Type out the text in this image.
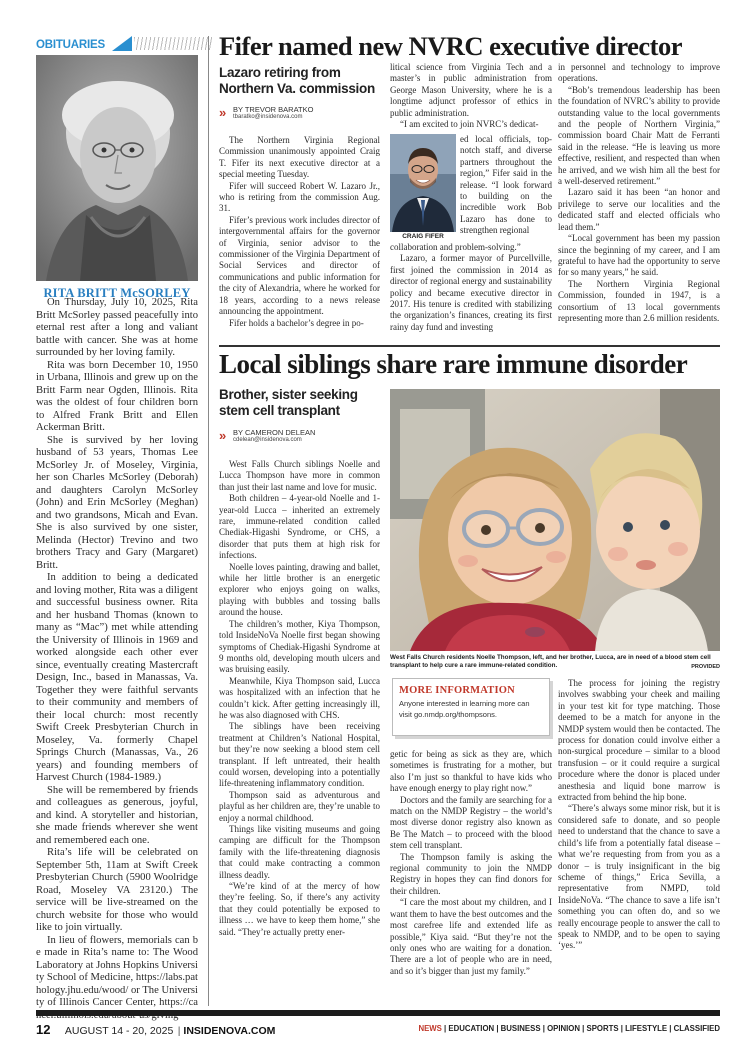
OBITUARIES
RITA BRITT McSORLEY

On Thursday, July 10, 2025, Rita Britt McSorley passed peacefully into eternal rest after a long and valiant battle with cancer. She was at home surrounded by her loving family.

Rita was born December 10, 1950 in Urbana, Illinois and grew up on the Britt Farm near Ogden, Illinois. Rita was the oldest of four children born to Alfred Frank Britt and Ellen Ackerman Britt.

She is survived by her loving husband of 53 years, Thomas Lee McSorley Jr. of Moseley, Virginia, her son Charles McSorley (Deborah) and daughters Carolyn McSorley (John) and Erin McSorley (Meghan) and two grandsons, Micah and Evan. She is also survived by one sister, Melinda (Hector) Trevino and two brothers Tracy and Gary (Margaret) Britt.

In addition to being a dedicated and loving mother, Rita was a diligent and successful business owner. Rita and her husband Thomas (known to many as “Mac”) met while attending the University of Illinois in 1969 and worked alongside each other ever since, eventually creating Mastercraft Design, Inc., based in Manassas, Va. Together they were faithful servants to their community and members of their local church: most recently Swift Creek Presbyterian Church in Moseley, Va. formerly Chapel Springs Church (Manassas, Va., 26 years) and founding members of Harvest Church (1984-1989.)

She will be remembered by friends and colleagues as generous, joyful, and kind. A storyteller and historian, she made friends wherever she went and remembered each one.

Rita’s life will be celebrated on September 5th, 11am at Swift Creek Presbyterian Church (5900 Woolridge Road, Moseley VA 23120.) The service will be live-streamed on the church website for those who would like to join virtually.

In lieu of flowers, memorials can be made in Rita’s name to: The Wood Laboratory at Johns Hopkins University School of Medicine, https://labs.pathology.jhu.edu/wood/ or The University of Illinois Cancer Center, https://ca

Fifer named new NVRC executive director
Lazaro retiring from Northern Va. commission
» BY TREVOR BARATKO
tbaratko@insidenova.com

The Northern Virginia Regional Commission unanimously appointed Craig T. Fifer its next executive director at a special meeting Tuesday.

Fifer will succeed Robert W. Lazaro Jr., who is retiring from the commission Aug. 31.

Fifer’s previous work includes director of intergovernmental affairs for the governor of Virginia, senior advisor to the commissioner of the Virginia Department of Social Services and director of communications and public information for the city of Alexandria, where he worked for 18 years, according to a news release announcing the appointment.

Fifer holds a bachelor’s degree in po-

litical science from Virginia Tech and a master’s in public administration from George Mason University, where he is a longtime adjunct professor of ethics in public administration.

“I am excited to join NVRC’s dedicat-

CRAIG FIFER

ed local officials, top-notch staff, and diverse partners throughout the region,” Fifer said in the release. “I look forward to building on the incredible work Bob Lazaro has done to strengthen regional

collaboration and problem-solving.”

Lazaro, a former mayor of Purcellville, first joined the commission in 2014 as director of regional energy and sustainability policy and became executive director in 2017. His tenure is credited with stabilizing the organization’s finances, creating its first rainy day fund and investing

in personnel and technology to improve operations.

“Bob’s tremendous leadership has been the foundation of NVRC’s ability to provide outstanding value to the local governments and the people of Northern Virginia,” commission board Chair Matt de Ferranti said in the release. “He is leaving us more effective, resilient, and respected than when he arrived, and we wish him all the best for a well-deserved retirement.”

Lazaro said it has been “an honor and privilege to serve our localities and the dedicated staff and elected officials who lead them.”

“Local government has been my passion since the beginning of my career, and I am grateful to have had the opportunity to serve for so many years,” he said.

The Northern Virginia Regional Commission, founded in 1947, is a consortium of 13 local governments representing more than 2.6 million residents.

Local siblings share rare immune disorder
Brother, sister seeking stem cell transplant
» BY CAMERON DELEAN
cdelean@insidenova.com

West Falls Church siblings Noelle and Lucca Thompson have more in common than just their last name and love for music.

Both children – 4-year-old Noelle and 1-year-old Lucca – inherited an extremely rare, immune-related condition called Chediak-Higashi Syndrome, or CHS, a disorder that puts them at high risk for infections.

Noelle loves painting, drawing and ballet, while her little brother is an energetic explorer who enjoys going on walks, playing with bubbles and tossing balls around the house.

The children’s mother, Kiya Thompson, told InsideNoVa Noelle first began showing symptoms of Chediak-Higashi Syndrome at 9 months old, developing mouth ulcers and was bruising easily.

Meanwhile, Kiya Thompson said, Lucca was hospitalized with an infection that he couldn’t kick. After getting increasingly ill, he was also diagnosed with CHS.

The siblings have been receiving treatment at Children’s National Hospital, but they’re now seeking a blood stem cell transplant. If left untreated, their health could worsen, developing into a potentially life-threatening inflammatory condition.

Thompson said as adventurous and playful as her children are, they’re unable to enjoy a normal childhood.

Things like visiting museums and going camping are difficult for the Thompson family with the life-threatening diagnosis that could make contracting a common illness deadly.

“We’re kind of at the mercy of how they’re feeling. So, if there’s any activity that they could potentially be exposed to illness … we have to keep them home,” she said. “They’re actually pretty ener-

West Falls Church residents Noelle Thompson, left, and her brother, Lucca, are in need of a blood stem cell transplant to help cure a rare immune-related condition.	PROVIDED
MORE INFORMATION
Anyone interested in learning more can visit go.nmdp.org/thompsons.

getic for being as sick as they are, which sometimes is frustrating for a mother, but also I’m just so thankful to have kids who have enough energy to play right now.”

Doctors and the family are searching for a match on the NMDP Registry – the world’s most diverse donor registry also known as Be The Match – to proceed with the blood stem cell transplant.

The Thompson family is asking the regional community to join the NMDP Registry in hopes they can find donors for their children.

“I care the most about my children, and I want them to have the best outcomes and the most carefree life and extended life as possible,” Kiya said. “But they’re not the only ones who are waiting for a donation. There are a lot of people who are in need, and so it’s bigger than just my family.”

The process for joining the registry involves swabbing your cheek and mailing in your test kit for type matching. Those deemed to be a match for anyone in the NMDP system would then be contacted. The process for donation could involve either a non-surgical procedure – similar to a blood transfusion – or it could require a surgical procedure where the donor is placed under anesthesia and liquid bone marrow is extracted from behind the hip bone.

“There’s always some minor risk, but it is considered safe to donate, and so people need to understand that the chance to save a child’s life from a potentially fatal disease – what we’re requesting from from you as a donor – is truly insignificant in the big scheme of things,” Erica Sevilla, a representative from NMPD, told InsideNoVa. “The chance to save a life isn’t something you can often do, and so we really encourage people to answer the call to speak to NMDP, and to be open to saying ‘yes.’”

12 AUGUST 14 - 20, 2025 | INSIDENOVA.COM	NEWS | EDUCATION | BUSINESS | OPINION | SPORTS | LIFESTYLE | CLASSIFIED
